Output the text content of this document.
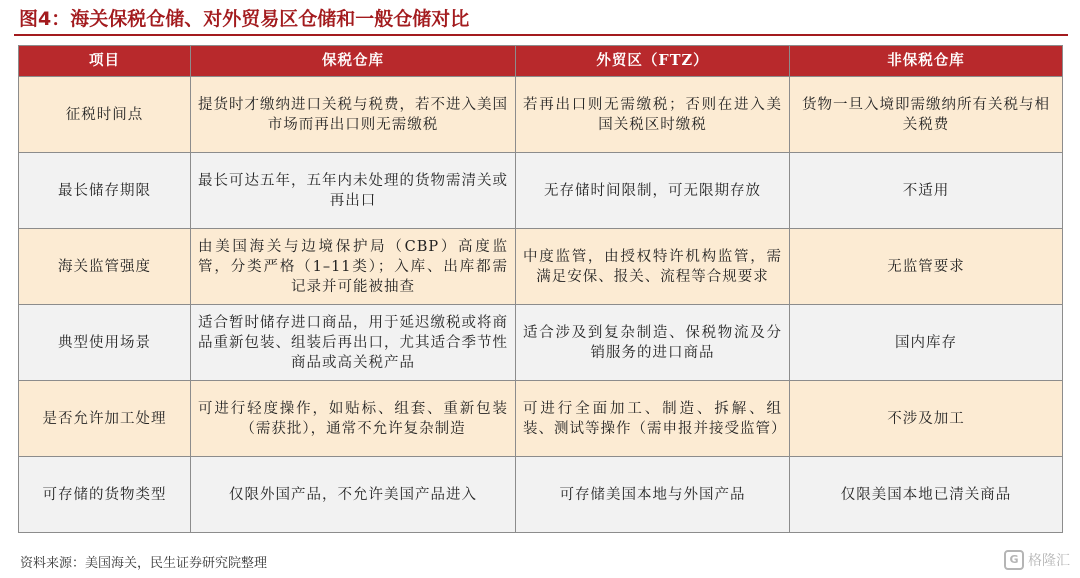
图4：海关保税仓储、对外贸易区仓储和一般仓储对比
项目	保税仓库	外贸区（FTZ）	非保税仓库
征税时间点	提货时才缴纳进口关税与税费，若不进入美国市场而再出口则无需缴税	若再出口则无需缴税；否则在进入美国关税区时缴税	货物一旦入境即需缴纳所有关税与相关税费
最长储存期限	最长可达五年，五年内未处理的货物需清关或再出口	无存储时间限制，可无限期存放	不适用
海关监管强度	由美国海关与边境保护局（CBP）高度监管，分类严格（1–11类）；入库、出库都需记录并可能被抽查	中度监管，由授权特许机构监管，需满足安保、报关、流程等合规要求	无监管要求
典型使用场景	适合暂时储存进口商品，用于延迟缴税或将商品重新包装、组装后再出口，尤其适合季节性商品或高关税产品	适合涉及到复杂制造、保税物流及分销服务的进口商品	国内库存
是否允许加工处理	可进行轻度操作，如贴标、组套、重新包装（需获批），通常不允许复杂制造	可进行全面加工、制造、拆解、组装、测试等操作（需申报并接受监管）	不涉及加工
可存储的货物类型	仅限外国产品，不允许美国产品进入	可存储美国本地与外国产品	仅限美国本地已清关商品
资料来源：美国海关，民生证券研究院整理	G 格隆汇
